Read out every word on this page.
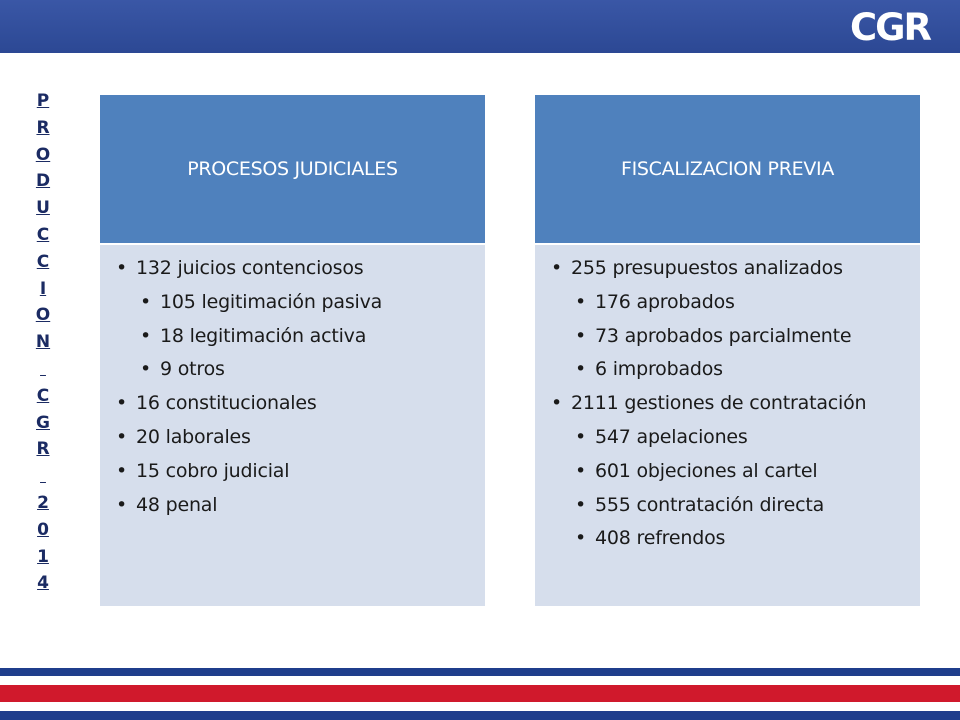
CGR
P
R
O
D
U
C
C
I
O
N

C
G
R

2
0
1
4
PROCESOS JUDICIALES
• 132 juicios contenciosos
• 105 legitimación pasiva
• 18 legitimación activa
• 9 otros
• 16 constitucionales
• 20 laborales
• 15 cobro judicial
• 48 penal
FISCALIZACION PREVIA
• 255 presupuestos analizados
• 176 aprobados
• 73 aprobados parcialmente
• 6 improbados
• 2111 gestiones de contratación
• 547 apelaciones
• 601 objeciones al cartel
• 555 contratación directa
• 408 refrendos
